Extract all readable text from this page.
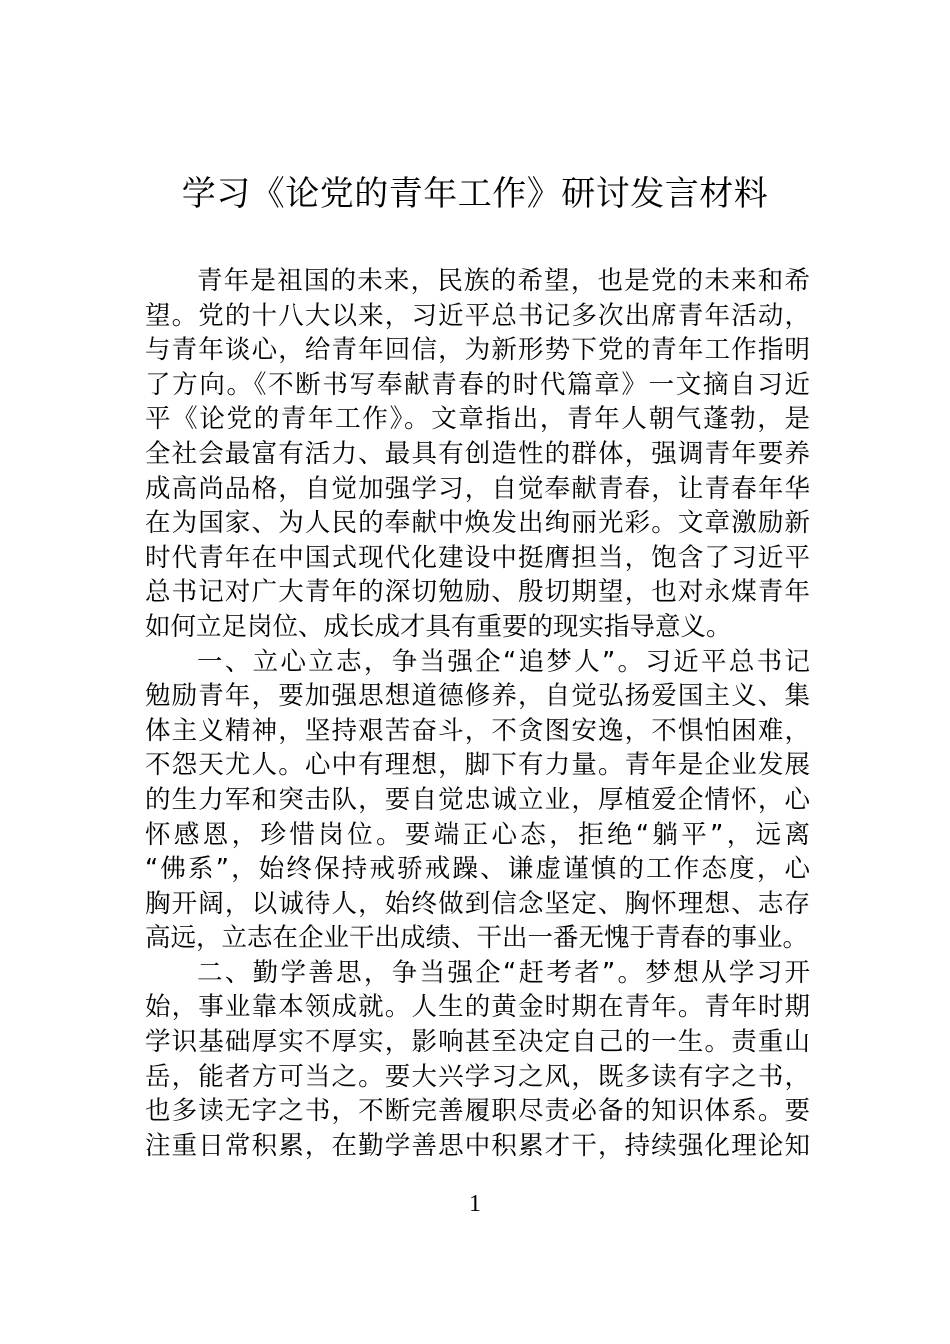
学习《论党的青年工作》研讨发言材料
青年是祖国的未来，民族的希望，也是党的未来和希
望。党的十八大以来，习近平总书记多次出席青年活动，
与青年谈心，给青年回信，为新形势下党的青年工作指明
了方向。《不断书写奉献青春的时代篇章》一文摘自习近
平《论党的青年工作》。文章指出，青年人朝气蓬勃，是
全社会最富有活力、最具有创造性的群体，强调青年要养
成高尚品格，自觉加强学习，自觉奉献青春，让青春年华
在为国家、为人民的奉献中焕发出绚丽光彩。文章激励新
时代青年在中国式现代化建设中挺膺担当，饱含了习近平
总书记对广大青年的深切勉励、殷切期望，也对永煤青年
如何立足岗位、成长成才具有重要的现实指导意义。
一、立心立志，争当强企“追梦人”。习近平总书记
勉励青年，要加强思想道德修养，自觉弘扬爱国主义、集
体主义精神，坚持艰苦奋斗，不贪图安逸，不惧怕困难，
不怨天尤人。心中有理想，脚下有力量。青年是企业发展
的生力军和突击队，要自觉忠诚立业，厚植爱企情怀，心
怀感恩，珍惜岗位。要端正心态，拒绝“躺平”，远离
“佛系”，始终保持戒骄戒躁、谦虚谨慎的工作态度，心
胸开阔，以诚待人，始终做到信念坚定、胸怀理想、志存
高远，立志在企业干出成绩、干出一番无愧于青春的事业。
二、勤学善思，争当强企“赶考者”。梦想从学习开
始，事业靠本领成就。人生的黄金时期在青年。青年时期
学识基础厚实不厚实，影响甚至决定自己的一生。责重山
岳，能者方可当之。要大兴学习之风，既多读有字之书，
也多读无字之书，不断完善履职尽责必备的知识体系。要
注重日常积累，在勤学善思中积累才干，持续强化理论知
1
